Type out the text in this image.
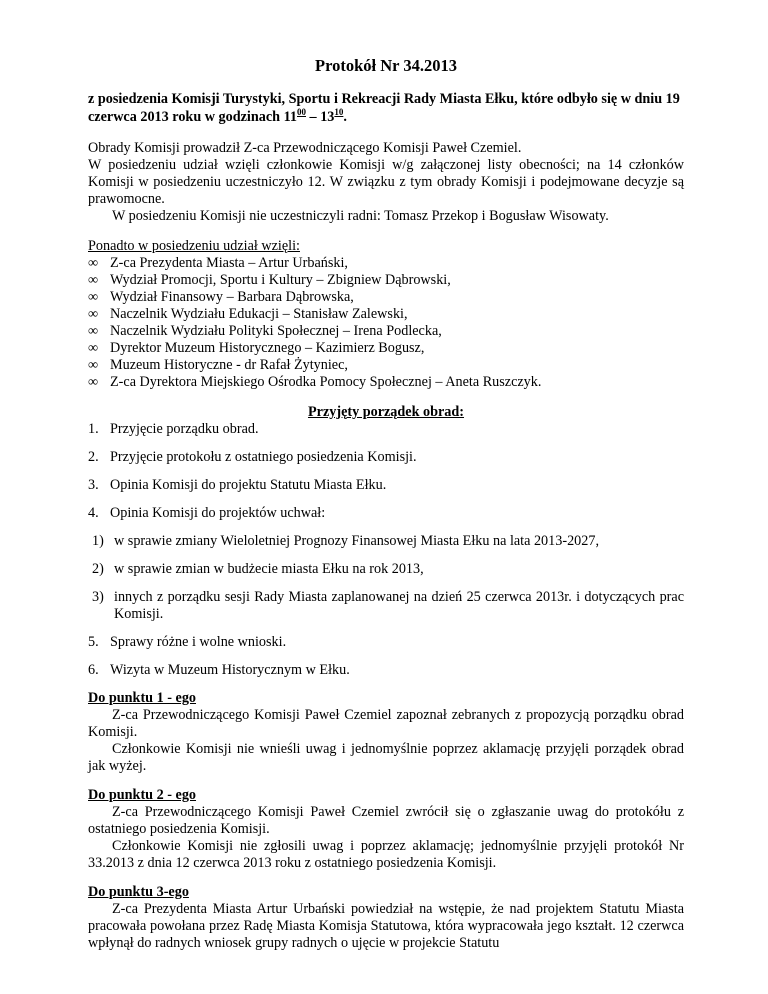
Protokół Nr 34.2013
z posiedzenia Komisji Turystyki, Sportu i Rekreacji Rady Miasta Ełku, które odbyło się w dniu 19 czerwca 2013 roku w godzinach $11^{00} - 13^{10}$.

Obrady Komisji prowadził Z-ca Przewodniczącego Komisji Paweł Czemiel.

W posiedzeniu udział wzięli członkowie Komisji w/g załączonej listy obecności; na 14 członków Komisji w posiedzeniu uczestniczyło 12. W związku z tym obrady Komisji i podejmowane decyzje są prawomocne.

W posiedzeniu Komisji nie uczestniczyli radni: Tomasz Przekop i Bogusław Wisowaty.

Ponadto w posiedzeniu udział wzięli:

∞ Z-ca Prezydenta Miasta – Artur Urbański,
∞ Wydział Promocji, Sportu i Kultury – Zbigniew Dąbrowski,
∞ Wydział Finansowy – Barbara Dąbrowska,
∞ Naczelnik Wydziału Edukacji – Stanisław Zalewski,
∞ Naczelnik Wydziału Polityki Społecznej – Irena Podlecka,
∞ Dyrektor Muzeum Historycznego – Kazimierz Bogusz,
∞ Muzeum Historyczne - dr Rafał Żytyniec,
∞ Z-ca Dyrektora Miejskiego Ośrodka Pomocy Społecznej – Aneta Ruszczyk.
Przyjęty porządek obrad:
1. Przyjęcie porządku obrad.
2. Przyjęcie protokołu z ostatniego posiedzenia Komisji.
3. Opinia Komisji do projektu Statutu Miasta Ełku.
4. Opinia Komisji do projektów uchwał:
1) w sprawie zmiany Wieloletniej Prognozy Finansowej Miasta Ełku na lata 2013-2027,
2) w sprawie zmian w budżecie miasta Ełku na rok 2013,
3) innych z porządku sesji Rady Miasta zaplanowanej na dzień 25 czerwca 2013r. i dotyczących prac Komisji.
5. Sprawy różne i wolne wnioski.
6. Wizyta w Muzeum Historycznym w Ełku.
Do punktu 1 - ego

Z-ca Przewodniczącego Komisji Paweł Czemiel zapoznał zebranych z propozycją porządku obrad Komisji.

Członkowie Komisji nie wnieśli uwag i jednomyślnie poprzez aklamację przyjęli porządek obrad jak wyżej.

Do punktu 2 - ego

Z-ca Przewodniczącego Komisji Paweł Czemiel zwrócił się o zgłaszanie uwag do protokółu z ostatniego posiedzenia Komisji.

Członkowie Komisji nie zgłosili uwag i poprzez aklamację; jednomyślnie przyjęli protokół Nr 33.2013 z dnia 12 czerwca 2013 roku z ostatniego posiedzenia Komisji.

Do punktu 3-ego

Z-ca Prezydenta Miasta Artur Urbański powiedział na wstępie, że nad projektem Statutu Miasta pracowała powołana przez Radę Miasta Komisja Statutowa, która wypracowała jego kształt. 12 czerwca wpłynął do radnych wniosek grupy radnych o ujęcie w projekcie Statutu
